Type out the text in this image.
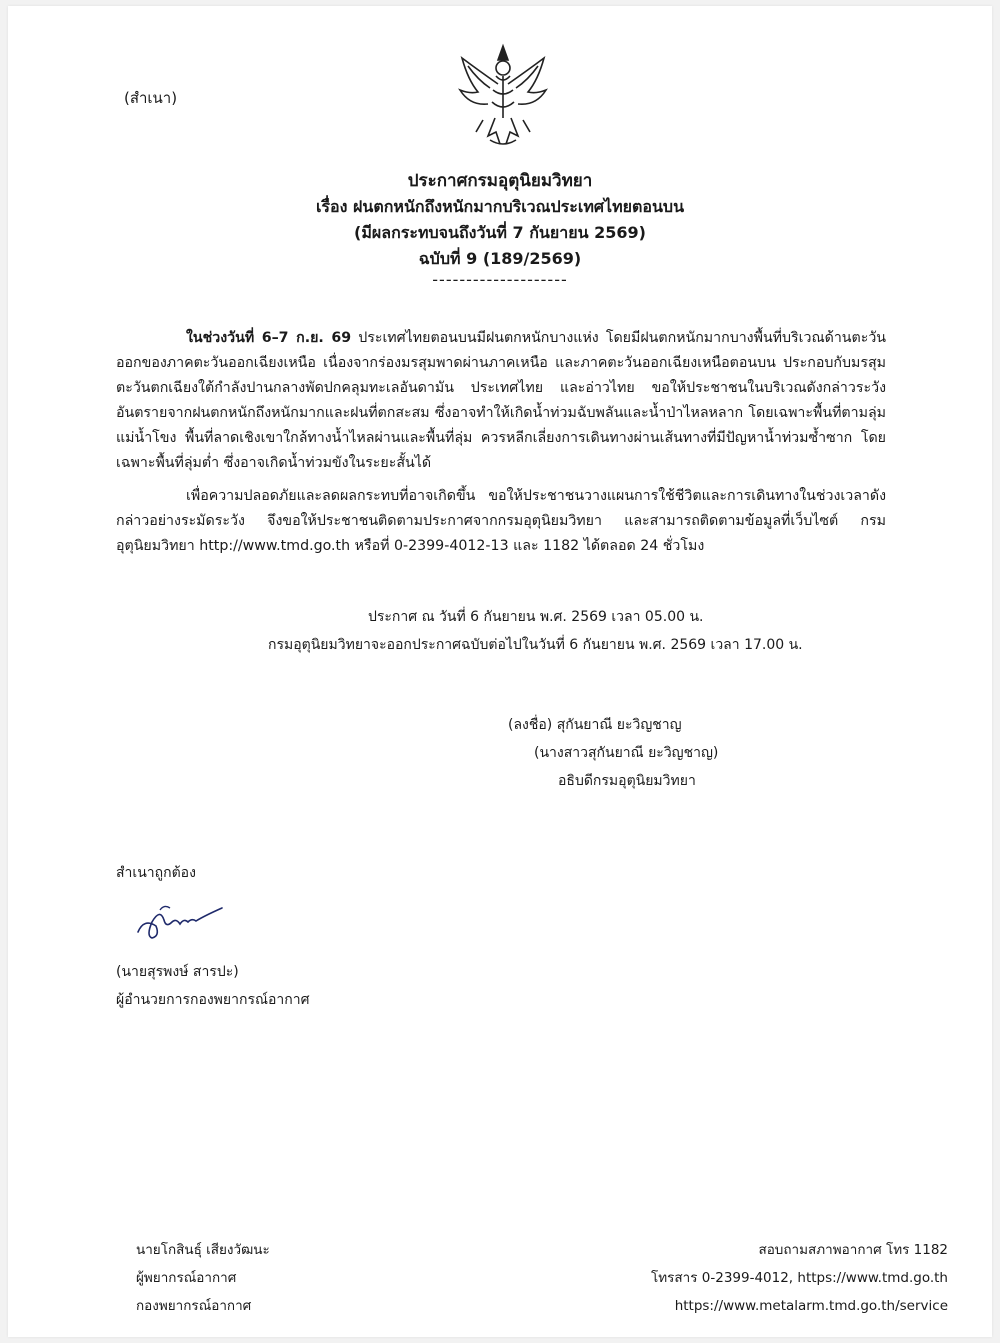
(สำเนา)
ประกาศกรมอุตุนิยมวิทยา
เรื่อง ฝนตกหนักถึงหนักมากบริเวณประเทศไทยตอนบน
(มีผลกระทบจนถึงวันที่ 7 กันยายน 2569)
ฉบับที่ 9 (189/2569)
--------------------

ในช่วงวันที่ 6–7 ก.ย. 69 ประเทศไทยตอนบนมีฝนตกหนักบางแห่ง โดยมีฝนตกหนักมากบางพื้นที่บริเวณด้านตะวันออกของภาคตะวันออกเฉียงเหนือ เนื่องจากร่องมรสุมพาดผ่านภาคเหนือ และภาคตะวันออกเฉียงเหนือตอนบน ประกอบกับมรสุมตะวันตกเฉียงใต้กำลังปานกลางพัดปกคลุมทะเลอันดามัน ประเทศไทย และอ่าวไทย ขอให้ประชาชนในบริเวณดังกล่าวระวังอันตรายจากฝนตกหนักถึงหนักมากและฝนที่ตกสะสม ซึ่งอาจทำให้เกิดน้ำท่วมฉับพลันและน้ำป่าไหลหลาก โดยเฉพาะพื้นที่ตามลุ่มแม่น้ำโขง พื้นที่ลาดเชิงเขาใกล้ทางน้ำไหลผ่านและพื้นที่ลุ่ม ควรหลีกเลี่ยงการเดินทางผ่านเส้นทางที่มีปัญหาน้ำท่วมซ้ำซาก โดยเฉพาะพื้นที่ลุ่มต่ำ ซึ่งอาจเกิดน้ำท่วมขังในระยะสั้นได้

เพื่อความปลอดภัยและลดผลกระทบที่อาจเกิดขึ้น ขอให้ประชาชนวางแผนการใช้ชีวิตและการเดินทางในช่วงเวลาดังกล่าวอย่างระมัดระวัง จึงขอให้ประชาชนติดตามประกาศจากกรมอุตุนิยมวิทยา และสามารถติดตามข้อมูลที่เว็บไซต์ กรมอุตุนิยมวิทยา http://www.tmd.go.th หรือที่ 0-2399-4012-13 และ 1182 ได้ตลอด 24 ชั่วโมง

ประกาศ ณ วันที่ 6 กันยายน พ.ศ. 2569 เวลา 05.00 น.
กรมอุตุนิยมวิทยาจะออกประกาศฉบับต่อไปในวันที่ 6 กันยายน พ.ศ. 2569 เวลา 17.00 น.
(ลงชื่อ) สุกันยาณี ยะวิญชาญ
(นางสาวสุกันยาณี ยะวิญชาญ)
อธิบดีกรมอุตุนิยมวิทยา
สำเนาถูกต้อง
(นายสุรพงษ์ สารปะ)
ผู้อำนวยการกองพยากรณ์อากาศ
นายโกสินธุ์ เสียงวัฒนะ
ผู้พยากรณ์อากาศ
กองพยากรณ์อากาศ
สอบถามสภาพอากาศ โทร 1182
โทรสาร 0-2399-4012, https://www.tmd.go.th
https://www.metalarm.tmd.go.th/service
